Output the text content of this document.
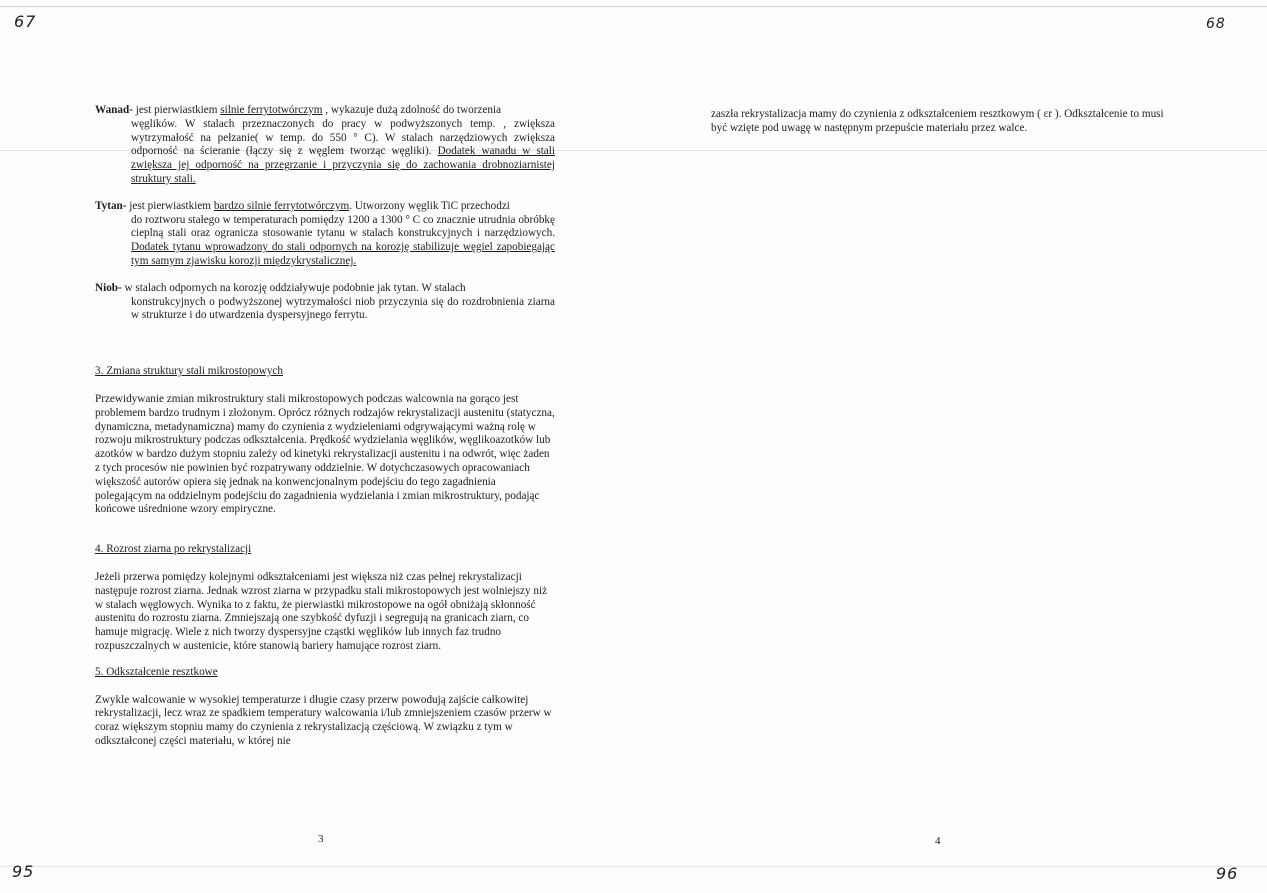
67	68
95	96
Wanad- jest pierwiastkiem silnie ferrytotwórczym , wykazuje dużą zdolność do tworzenia
węglików. W stalach przeznaczonych do pracy w podwyższonych temp. , zwiększa wytrzymałość na pełzanie( w temp. do 550 ° C). W stalach narzędziowych zwiększa odporność na ścieranie (łączy się z węglem tworząc węgliki). Dodatek wanadu w stali zwiększa jej odporność na przegrzanie i przyczynia się do zachowania drobnoziarnistej struktury stali.
Tytan- jest pierwiastkiem bardzo silnie ferrytotwórczym. Utworzony węglik TiC przechodzi
do roztworu stałego w temperaturach pomiędzy 1200 a 1300 ° C co znacznie utrudnia obróbkę cieplną stali oraz ogranicza stosowanie tytanu w stalach konstrukcyjnych i narzędziowych. Dodatek tytanu wprowadzony do stali odpornych na korozję stabilizuje węgiel zapobiegając tym samym zjawisku korozji międzykrystalicznej.
Niob- w stalach odpornych na korozję oddziaływuje podobnie jak tytan. W stalach
konstrukcyjnych o podwyższonej wytrzymałości niob przyczynia się do rozdrobnienia ziarna w strukturze i do utwardzenia dyspersyjnego ferrytu.
3. Zmiana struktury stali mikrostopowych

Przewidywanie zmian mikrostruktury stali mikrostopowych podczas walcownia na gorąco jest problemem bardzo trudnym i złożonym. Oprócz różnych rodzajów rekrystalizacji austenitu (statyczna, dynamiczna, metadynamiczna) mamy do czynienia z wydzieleniami odgrywającymi ważną rolę w rozwoju mikrostruktury podczas odkształcenia. Prędkość wydzielania węglików, węglikoazotków lub azotków w bardzo dużym stopniu zależy od kinetyki rekrystalizacji austenitu i na odwrót, więc żaden z tych procesów nie powinien być rozpatrywany oddzielnie. W dotychczasowych opracowaniach większość autorów opiera się jednak na konwencjonalnym podejściu do tego zagadnienia polegającym na oddzielnym podejściu do zagadnienia wydzielania i zmian mikrostruktury, podając końcowe uśrednione wzory empiryczne.

4. Rozrost ziarna po rekrystalizacji

Jeżeli przerwa pomiędzy kolejnymi odkształceniami jest większa niż czas pełnej rekrystalizacji następuje rozrost ziarna. Jednak wzrost ziarna w przypadku stali mikrostopowych jest wolniejszy niż w stalach węglowych. Wynika to z faktu, że pierwiastki mikrostopowe na ogół obniżają skłonność austenitu do rozrostu ziarna. Zmniejszają one szybkość dyfuzji i segregują na granicach ziarn, co hamuje migrację. Wiele z nich tworzy dyspersyjne cząstki węglików lub innych faz trudno rozpuszczalnych w austenicie, które stanowią bariery hamujące rozrost ziarn.

5. Odkształcenie resztkowe

Zwykle walcowanie w wysokiej temperaturze i długie czasy przerw powodują zajście całkowitej rekrystalizacji, lecz wraz ze spadkiem temperatury walcowania i/lub zmniejszeniem czasów przerw w coraz większym stopniu mamy do czynienia z rekrystalizacją częściową. W związku z tym w odkształconej części materiału, w której nie

3

zaszła rekrystalizacja mamy do czynienia z odkształceniem resztkowym ( εr ). Odkształcenie to musi być wzięte pod uwagę w następnym przepuście materiału przez walce.

4
